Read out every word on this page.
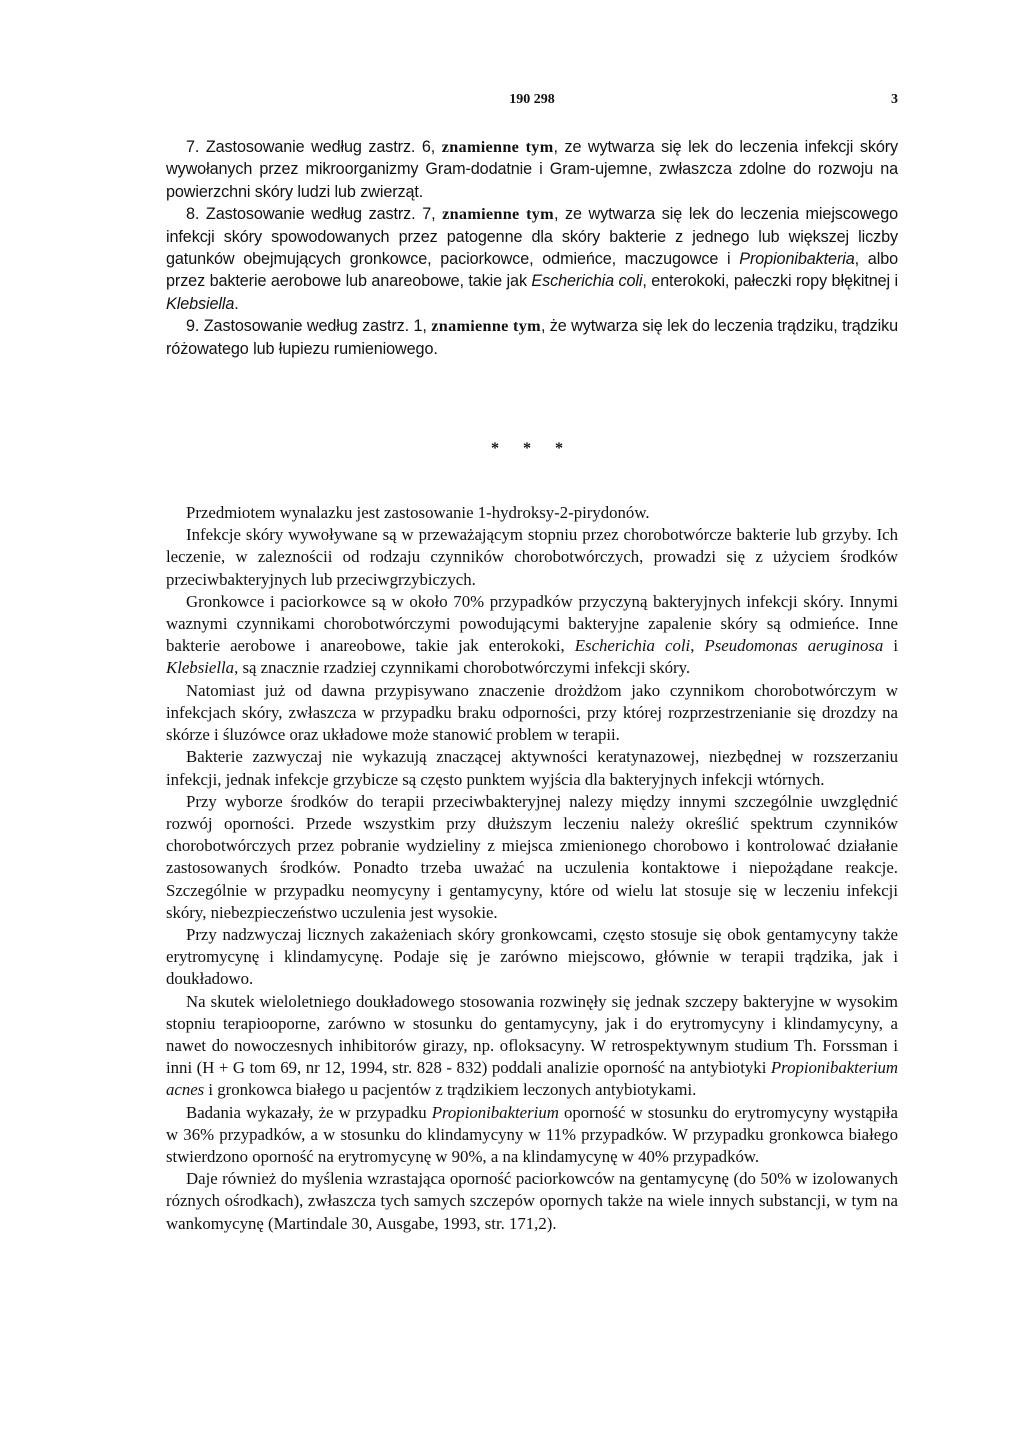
190 298	3

7. Zastosowanie według zastrz. 6, znamienne tym, ze wytwarza się lek do leczenia infekcji skóry wywołanych przez mikroorganizmy Gram-dodatnie i Gram-ujemne, zwłaszcza zdolne do rozwoju na powierzchni skóry ludzi lub zwierząt.

8. Zastosowanie według zastrz. 7, znamienne tym, ze wytwarza się lek do leczenia miejscowego infekcji skóry spowodowanych przez patogenne dla skóry bakterie z jednego lub większej liczby gatunków obejmujących gronkowce, paciorkowce, odmieńce, maczugowce i Propionibakteria, albo przez bakterie aerobowe lub anareobowe, takie jak Escherichia coli, enterokoki, pałeczki ropy błękitnej i Klebsiella.

9. Zastosowanie według zastrz. 1, znamienne tym, że wytwarza się lek do leczenia trądziku, trądziku różowatego lub łupiezu rumieniowego.

* * *

Przedmiotem wynalazku jest zastosowanie 1-hydroksy-2-pirydonów.

Infekcje skóry wywoływane są w przeważającym stopniu przez chorobotwórcze bakterie lub grzyby. Ich leczenie, w zaleznościi od rodzaju czynników chorobotwórczych, prowadzi się z użyciem środków przeciwbakteryjnych lub przeciwgrzybiczych.

Gronkowce i paciorkowce są w około 70% przypadków przyczyną bakteryjnych infekcji skóry. Innymi waznymi czynnikami chorobotwórczymi powodującymi bakteryjne zapalenie skóry są odmieńce. Inne bakterie aerobowe i anareobowe, takie jak enterokoki, Escherichia coli, Pseudomonas aeruginosa i Klebsiella, są znacznie rzadziej czynnikami chorobotwórczymi infekcji skóry.

Natomiast już od dawna przypisywano znaczenie drożdżom jako czynnikom chorobotwórczym w infekcjach skóry, zwłaszcza w przypadku braku odporności, przy której rozprzestrzenianie się drozdzy na skórze i śluzówce oraz układowe może stanowić problem w terapii.

Bakterie zazwyczaj nie wykazują znaczącej aktywności keratynazowej, niezbędnej w rozszerzaniu infekcji, jednak infekcje grzybicze są często punktem wyjścia dla bakteryjnych infekcji wtórnych.

Przy wyborze środków do terapii przeciwbakteryjnej nalezy między innymi szczególnie uwzględnić rozwój oporności. Przede wszystkim przy dłuższym leczeniu należy określić spektrum czynników chorobotwórczych przez pobranie wydzieliny z miejsca zmienionego chorobowo i kontrolować działanie zastosowanych środków. Ponadto trzeba uważać na uczulenia kontaktowe i niepożądane reakcje. Szczególnie w przypadku neomycyny i gentamycyny, które od wielu lat stosuje się w leczeniu infekcji skóry, niebezpieczeństwo uczulenia jest wysokie.

Przy nadzwyczaj licznych zakażeniach skóry gronkowcami, często stosuje się obok gentamycyny także erytromycynę i klindamycynę. Podaje się je zarówno miejscowo, głównie w terapii trądzika, jak i doukładowo.

Na skutek wieloletniego doukładowego stosowania rozwinęły się jednak szczepy bakteryjne w wysokim stopniu terapiooporne, zarówno w stosunku do gentamycyny, jak i do erytromycyny i klindamycyny, a nawet do nowoczesnych inhibitorów girazy, np. ofloksacyny. W retrospektywnym studium Th. Forssman i inni (H + G tom 69, nr 12, 1994, str. 828 - 832) poddali analizie oporność na antybiotyki Propionibakterium acnes i gronkowca białego u pacjentów z trądzikiem leczonych antybiotykami.

Badania wykazały, że w przypadku Propionibakterium oporność w stosunku do erytromycyny wystąpiła w 36% przypadków, a w stosunku do klindamycyny w 11% przypadków. W przypadku gronkowca białego stwierdzono oporność na erytromycynę w 90%, a na klindamycynę w 40% przypadków.

Daje również do myślenia wzrastająca oporność paciorkowców na gentamycynę (do 50% w izolowanych róznych ośrodkach), zwłaszcza tych samych szczepów opornych także na wiele innych substancji, w tym na wankomycynę (Martindale 30, Ausgabe, 1993, str. 171,2).
